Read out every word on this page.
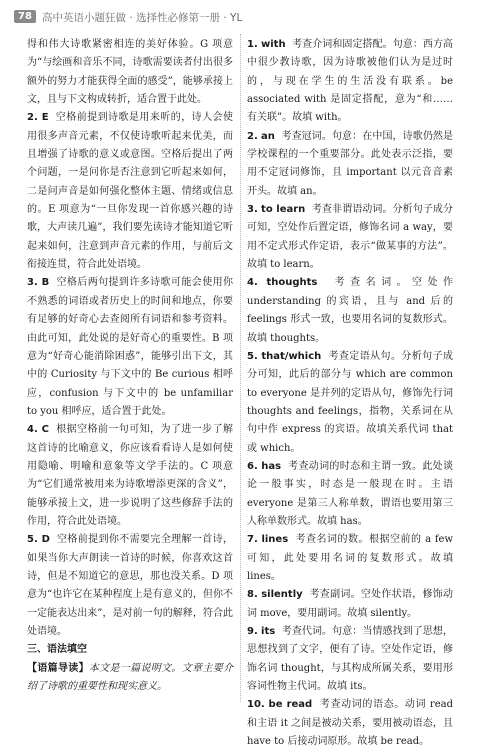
78 高中英语小题狂做 · 选择性必修第一册 · YL

得和伟大诗歌紧密相连的美好体验。G 项意为“与绘画和音乐不同，诗歌需要读者付出很多额外的努力才能获得全面的感受”，能够承接上文，且与下文构成转折，适合置于此处。

2. E 空格前提到诗歌是用来听的，诗人会使用很多声音元素，不仅使诗歌听起来优美，而且增强了诗歌的意义或意图。空格后提出了两个问题，一是问你是否注意到它听起来如何，二是问声音是如何强化整体主题、情绪或信息的。E 项意为“一旦你发现一首你感兴趣的诗歌，大声读几遍”，我们要先读诗才能知道它听起来如何，注意到声音元素的作用，与前后文衔接连贯，符合此处语境。

3. B 空格后两句提到许多诗歌可能会使用你不熟悉的词语或者历史上的时间和地点，你要有足够的好奇心去查阅所有词语和参考资料。由此可知，此处说的是好奇心的重要性。B 项意为“好奇心能消除困惑”，能够引出下文，其中的 Curiosity 与下文中的 Be curious 相呼应，confusion 与下文中的 be unfamiliar to you 相呼应，适合置于此处。

4. C 根据空格前一句可知，为了进一步了解这首诗的比喻意义，你应该看看诗人是如何使用隐喻、明喻和意象等文学手法的。C 项意为“它们通常被用来为诗歌增添更深的含义”，能够承接上文，进一步说明了这些修辞手法的作用，符合此处语境。

5. D 空格前提到你不需要完全理解一首诗，如果当你大声朗读一首诗的时候，你喜欢这首诗，但是不知道它的意思，那也没关系。D 项意为“也许它在某种程度上是有意义的，但你不一定能表达出来”，是对前一句的解释，符合此处语境。

三、语法填空

【语篇导读】本文是一篇说明文。文章主要介绍了诗歌的重要性和现实意义。

1. with 考查介词和固定搭配。句意：西方高中很少教诗歌，因为诗歌被他们认为是过时的，与现在学生的生活没有联系。be associated with 是固定搭配，意为“和……有关联”。故填 with。

2. an 考查冠词。句意：在中国，诗歌仍然是学校课程的一个重要部分。此处表示泛指，要用不定冠词修饰，且 important 以元音音素开头。故填 an。

3. to learn 考查非谓语动词。分析句子成分可知，空处作后置定语，修饰名词 a way，要用不定式形式作定语，表示“做某事的方法”。故填 to learn。

4. thoughts 考查名词。空处作 understanding 的宾语，且与 and 后的 feelings 形式一致，也要用名词的复数形式。故填 thoughts。

5. that/which 考查定语从句。分析句子成分可知，此后的部分与 which are common to everyone 是并列的定语从句，修饰先行词 thoughts and feelings，指物，关系词在从句中作 express 的宾语。故填关系代词 that 或 which。

6. has 考查动词的时态和主谓一致。此处谈论一般事实，时态是一般现在时。主语 everyone 是第三人称单数，谓语也要用第三人称单数形式。故填 has。

7. lines 考查名词的数。根据空前的 a few 可知，此处要用名词的复数形式。故填 lines。

8. silently 考查副词。空处作状语，修饰动词 move，要用副词。故填 silently。

9. its 考查代词。句意：当情感找到了思想，思想找到了文字，便有了诗。空处作定语，修饰名词 thought，与其构成所属关系，要用形容词性物主代词。故填 its。

10. be read 考查动词的语态。动词 read 和主语 it 之间是被动关系，要用被动语态，且 have to 后接动词原形。故填 be read。
